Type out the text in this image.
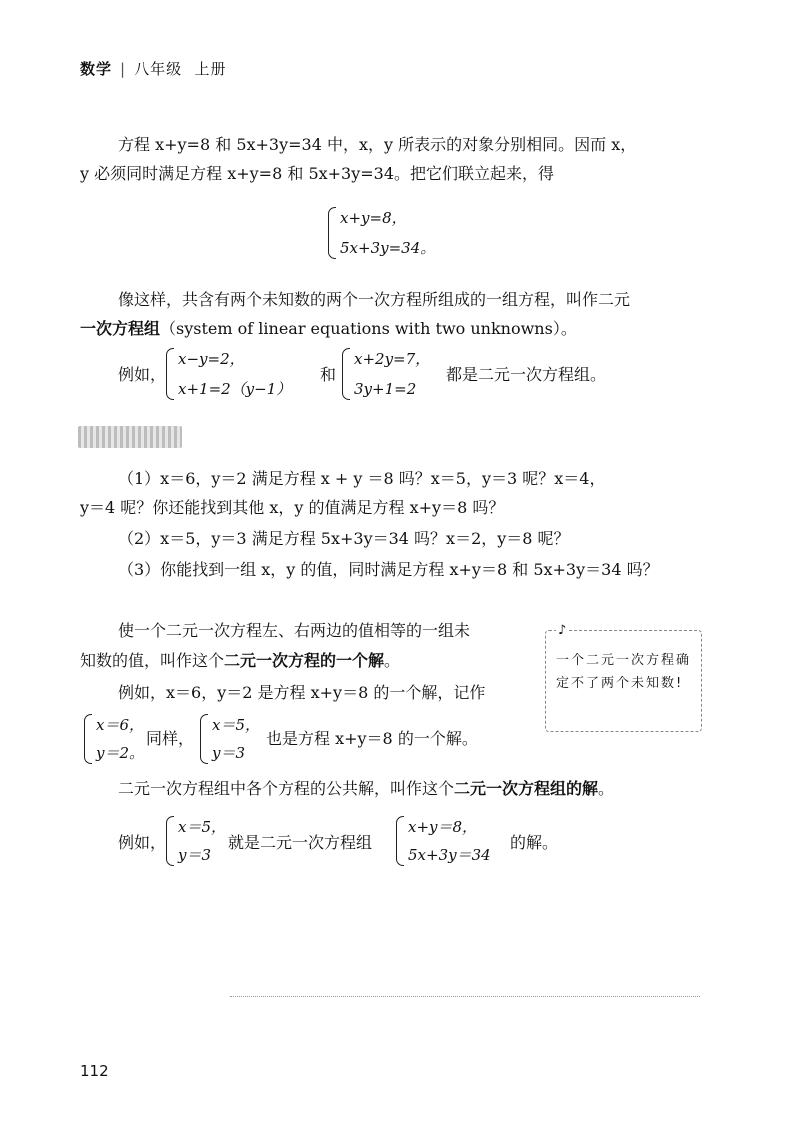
数学 | 八年级 上册
方程 x+y=8 和 5x+3y=34 中，x，y 所表示的对象分别相同。因而 x，
y 必须同时满足方程 x+y=8 和 5x+3y=34。把它们联立起来，得
x+y=8，
5x+3y=34。
像这样，共含有两个未知数的两个一次方程所组成的一组方程，叫作二元
一次方程组（system of linear equations with two unknowns）。
例如，
x−y=2，
x+1=2（y−1）
和
x+2y=7，
3y+1=2
都是二元一次方程组。
（1）x＝6，y＝2 满足方程 x + y ＝8 吗？x＝5，y＝3 呢？x＝4，
y＝4 呢？你还能找到其他 x，y 的值满足方程 x+y＝8 吗？
（2）x＝5，y＝3 满足方程 5x+3y＝34 吗？x＝2，y＝8 呢？
（3）你能找到一组 x，y 的值，同时满足方程 x+y＝8 和 5x+3y＝34 吗？
使一个二元一次方程左、右两边的值相等的一组未
知数的值，叫作这个二元一次方程的一个解。
例如，x＝6，y＝2 是方程 x+y＝8 的一个解，记作
x＝6，
y＝2。
同样，
x＝5，
y＝3
也是方程 x+y＝8 的一个解。
♪
一个二元一次方程确定不了两个未知数!
二元一次方程组中各个方程的公共解，叫作这个二元一次方程组的解。
例如，
x＝5，
y＝3
就是二元一次方程组
x+y＝8，
5x+3y＝34
的解。
112
